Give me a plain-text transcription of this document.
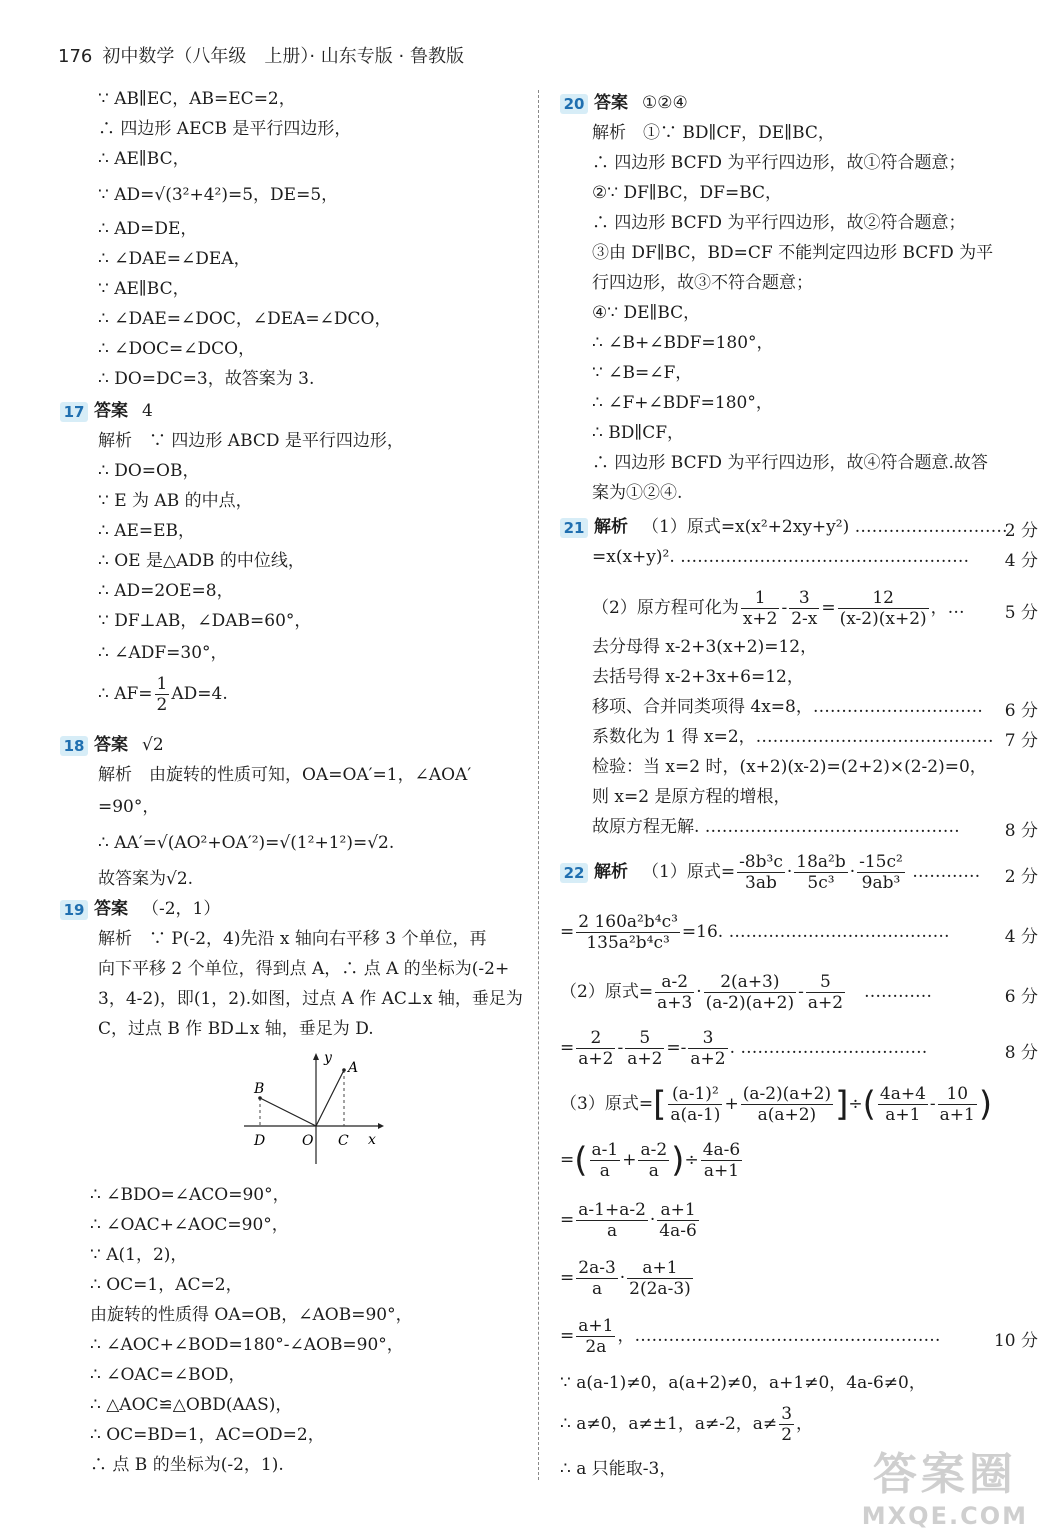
176 初中数学（八年级　上册）· 山东专版 · 鲁教版
∵ AB∥EC，AB=EC=2，
∴ 四边形 AECB 是平行四边形，
∴ AE∥BC，
∵ AD=√(3²+4²)=5，DE=5，
∴ AD=DE，
∴ ∠DAE=∠DEA，
∵ AE∥BC，
∴ ∠DAE=∠DOC，∠DEA=∠DCO，
∴ ∠DOC=∠DCO，
∴ DO=DC=3，故答案为 3.
17 答案 4
解析　∵ 四边形 ABCD 是平行四边形，
∴ DO=OB，
∵ E 为 AB 的中点，
∴ AE=EB，
∴ OE 是△ADB 的中位线，
∴ AD=2OE=8，
∵ DF⊥AB，∠DAB=60°，
∴ ∠ADF=30°，
∴ $AF= \frac{1}{2} AD=4$.
18 答案 √2
解析　由旋转的性质可知，OA=OA′=1，∠AOA′
=90°，
∴ AA′=√(AO²+OA′²)=√(1²+1²)=√2.
故答案为√2.
19 答案 （-2，1）
解析　∵ P(-2，4)先沿 x 轴向右平移 3 个单位，再
向下平移 2 个单位，得到点 A，∴ 点 A 的坐标为(-2+
3，4-2)，即(1，2).如图，过点 A 作 AC⊥x 轴，垂足为
C，过点 B 作 BD⊥x 轴，垂足为 D.
y
x
A
B
C
D	O
∴ ∠BDO=∠ACO=90°，
∴ ∠OAC+∠AOC=90°，
∵ A(1，2)，
∴ OC=1，AC=2，
由旋转的性质得 OA=OB，∠AOB=90°，
∴ ∠AOC+∠BOD=180°-∠AOB=90°，
∴ ∠OAC=∠BOD，
∴ △AOC≌△OBD(AAS)，
∴ OC=BD=1，AC=OD=2，
∴ 点 B 的坐标为(-2，1).
20 答案 ①②④
解析　①∵ BD∥CF，DE∥BC，
∴ 四边形 BCFD 为平行四边形，故①符合题意；
②∵ DF∥BC，DF=BC，
∴ 四边形 BCFD 为平行四边形，故②符合题意；
③由 DF∥BC，BD=CF 不能判定四边形 BCFD 为平
行四边形，故③不符合题意；
④∵ DE∥BC，
∴ ∠B+∠BDF=180°，
∵ ∠B=∠F，
∴ ∠F+∠BDF=180°，
∴ BD∥CF，
∴ 四边形 BCFD 为平行四边形，故④符合题意.故答
案为①②④.
21 解析 （1）原式=x(x²+2xy+y²) ………………………
2 分
=x(x+y)². …………………………………………… 4 分
（2）原方程可化为 $\frac{1}{x+2} - \frac{3}{2-x} = \frac{12}{(x-2)(x+2)}$ ，… 5 分
去分母得 x-2+3(x+2)=12，
去括号得 x-2+3x+6=12，
移项、合并同类项得 4x=8，………………………… 6 分
系数化为 1 得 x=2，…………………………………… 7 分
检验：当 x=2 时，(x+2)(x-2)=(2+2)×(2-2)=0，
则 x=2 是原方程的增根，
故原方程无解. ………………………………………	8 分
22 解析 （1）原式= $\frac{\text{-8b³c}}{3ab} \cdot \frac{\text{18a²b}}{\text{5c³}} \cdot \frac{\text{-15c²}}{\text{9ab³}}$ ………… 2 分
= $\frac{\text{2 160a²b⁴c³}}{\text{135a²b⁴c³}} =16$. …………………………………	4 分
（2）原式= $\frac{a-2}{a+3} \cdot \frac{2(a+3)}{(a-2)(a+2)} - \frac{5}{a+2}$ 　…………	6 分
= $\frac{2}{a+2} - \frac{5}{a+2} =- \frac{3}{a+2}$ . ……………………………	8 分
（3）原式=[ $\frac{\text{(a-1)²}}{a(a-1)} + \frac{(a-2)(a+2)}{a(a+2)}$ ]÷( $\frac{4a+4}{a+1} - \frac{10}{a+1}$ )
=( $\frac{a-1}{a} + \frac{a-2}{a}$ )÷ $\frac{4a-6}{a+1}$
= $\frac{a-1+a-2}{a} \cdot \frac{a+1}{4a-6}$
= $\frac{2a-3}{a} \cdot \frac{a+1}{2(2a-3)}$
= $\frac{a+1}{2a}$ ，………………………………………………	10 分
∵ a(a-1)≠0，a(a+2)≠0，a+1≠0，4a-6≠0，
∴ a≠0，a≠±1，a≠-2，$a\ne \frac{3}{2}$ ，
∴ a 只能取-3，	答案圈
MXQE.COM
